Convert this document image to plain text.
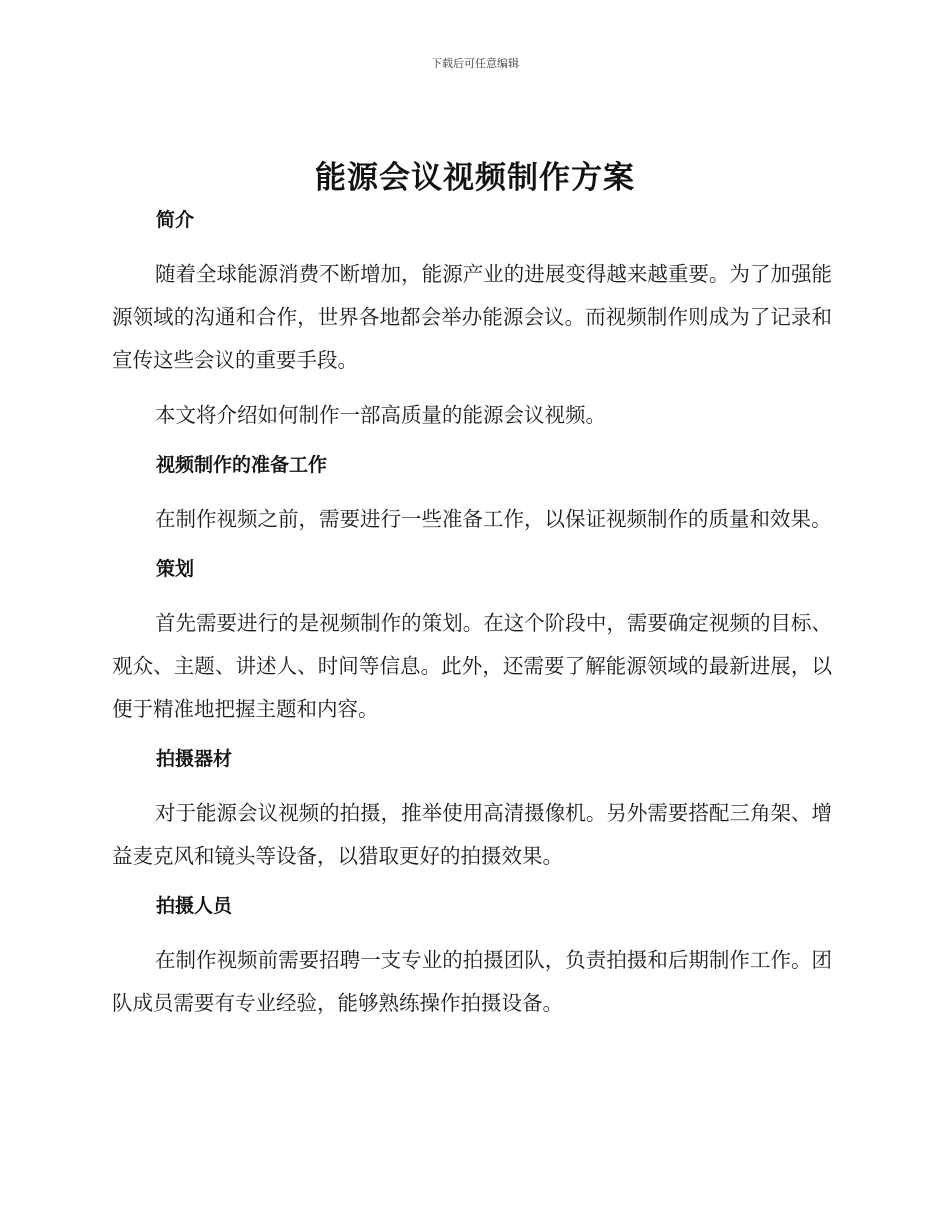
下载后可任意编辑
能源会议视频制作方案
简介

随着全球能源消费不断增加，能源产业的进展变得越来越重要。为了加强能源领域的沟通和合作，世界各地都会举办能源会议。而视频制作则成为了记录和宣传这些会议的重要手段。

本文将介绍如何制作一部高质量的能源会议视频。

视频制作的准备工作

在制作视频之前，需要进行一些准备工作，以保证视频制作的质量和效果。

策划

首先需要进行的是视频制作的策划。在这个阶段中，需要确定视频的目标、观众、主题、讲述人、时间等信息。此外，还需要了解能源领域的最新进展，以便于精准地把握主题和内容。

拍摄器材

对于能源会议视频的拍摄，推举使用高清摄像机。另外需要搭配三角架、增益麦克风和镜头等设备，以猎取更好的拍摄效果。

拍摄人员

在制作视频前需要招聘一支专业的拍摄团队，负责拍摄和后期制作工作。团队成员需要有专业经验，能够熟练操作拍摄设备。
